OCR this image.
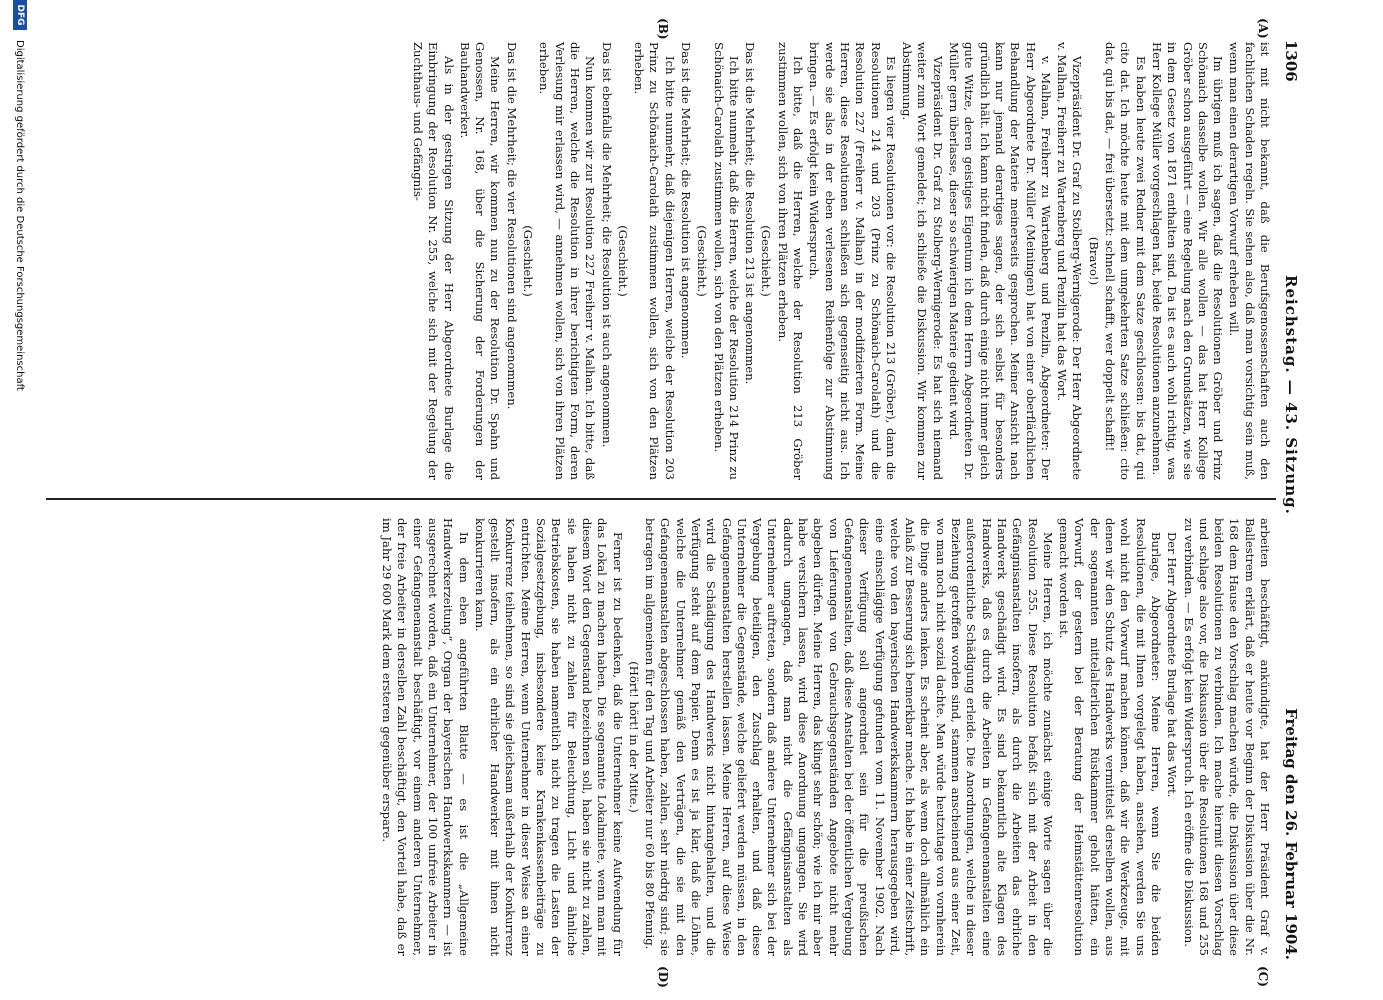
1306
Reichstag. — 43. Sitzung.
Freitag den 26. Februar 1904.
(A)
(B)
(C)
(D)

ist mit nicht bekannt, daß die Berufsgenossenschaften auch den fachlichen Schaden regeln. Sie sehen also, daß man vorsichtig sein muß, wenn man einen derartigen Vorwurf erheben will.

Im übrigen muß ich sagen, daß die Resolutionen Gröber und Prinz Schönaich dasselbe wollen. Wir alle wollen — das hat Herr Kollege Gröber schon ausgeführt — eine Regelung nach den Grundsätzen, wie sie in dem Gesetz von 1871 enthalten sind. Da ist es auch wohl richtig, was Herr Kollege Müller vorgeschlagen hat, beide Resolutionen anzunehmen.

Es haben heute zwei Redner mit dem Satze geschlossen: bis dat, qui cito dat. Ich möchte heute mit dem umgekehrten Satze schließen: cito dat, qui bis dat, — frei übersetzt: schnell schafft, wer doppelt schafft!

(Bravo!)

Vizepräsident Dr. Graf zu Stolberg-Wernigerode: Der Herr Abgeordnete v. Malhan, Freiherr zu Wartenberg und Penzlin hat das Wort.

v. Malhan, Freiherr zu Wartenberg und Penzlin, Abgeordneter: Der Herr Abgeordnete Dr. Müller (Meiningen) hat von einer oberflächlichen Behandlung der Materie meinerseits gesprochen. Meiner Ansicht nach kann nur jemand derartiges sagen, der sich selbst für besonders gründlich hält. Ich kann nicht finden, daß durch einige nicht immer gleich gute Witze, deren geistiges Eigentum ich dem Herrn Abgeordneten Dr. Müller gern überlasse, dieser so schwierigen Materie gedient wird.

Vizepräsident Dr. Graf zu Stolberg-Wernigerode: Es hat sich niemand weiter zum Wort gemeldet; ich schließe die Diskussion. Wir kommen zur Abstimmung.

Es liegen vier Resolutionen vor: die Resolution 213 (Gröber), dann die Resolutionen 214 und 203 (Prinz zu Schönaich-Carolath) und die Resolution 227 (Freiherr v. Malhan) in der modifizierten Form. Meine Herren, diese Resolutionen schließen sich gegenseitig nicht aus. Ich werde sie also in der eben verlesenen Reihenfolge zur Abstimmung bringen. — Es erfolgt kein Widerspruch.

Ich bitte, daß die Herren, welche der Resolution 213 Gröber zustimmen wollen, sich von ihren Plätzen erheben.

(Geschieht.)

Das ist die Mehrheit; die Resolution 213 ist angenommen.

Ich bitte nunmehr, daß die Herren, welche der Resolution 214 Prinz zu Schönaich-Carolath zustimmen wollen, sich von den Plätzen erheben.

(Geschieht.)

Das ist die Mehrheit; die Resolution ist angenommen.

Ich bitte nunmehr, daß diejenigen Herren, welche der Resolution 203 Prinz zu Schönaich-Carolath zustimmen wollen, sich von den Plätzen erheben.

(Geschieht.)

Das ist ebenfalls die Mehrheit; die Resolution ist auch angenommen.

Nun kommen wir zur Resolution 227 Freiherr v. Malhan. Ich bitte, daß die Herren, welche die Resolution in ihrer berichtigten Form, deren Verlesung mir erlassen wird, — annehmen wollen, sich von ihren Plätzen erheben.

(Geschieht.)

Das ist die Mehrheit; die vier Resolutionen sind angenommen.

Meine Herren, wir kommen nun zu der Resolution Dr. Spahn und Genossen, Nr. 168, über die Sicherung der Forderungen der Bauhandwerker.

Als in der gestrigen Sitzung der Herr Abgeordnete Burlage die Einbringung der Resolution Nr. 255, welche sich mit der Regelung der Zuchthaus- und Gefängnis-

arbeiten beschäftigt, ankündigte, hat der Herr Präsident Graf v. Ballestrem erklärt, daß er heute vor Beginn der Diskussion über die Nr. 168 dem Hause den Vorschlag machen würde, die Diskussion über diese beiden Resolutionen zu verbinden. Ich mache hiermit diesen Vorschlag und schlage also vor, die Diskussion über die Resolutionen 168 und 255 zu verbinden. — Es erfolgt kein Widerspruch. Ich eröffne die Diskussion.

Der Herr Abgeordnete Burlage hat das Wort.

Burlage, Abgeordneter: Meine Herren, wenn Sie die beiden Resolutionen, die mit Ihnen vorgelegt haben, ansehen, werden Sie uns wohl nicht den Vorwurf machen können, daß wir die Werkzeuge, mit denen wir den Schutz des Handwerks vermittelst derselben wollen, aus der sogenannten mittelalterlichen Rüstkammer geholt hätten, ein Vorwurf, der gestern bei der Beratung der Heimstättenresolution gemacht worden ist.

Meine Herren, ich möchte zunächst einige Worte sagen über die Resolution 255. Diese Resolution befaßt sich mit der Arbeit in den Gefängnisanstalten insofern, als durch die Arbeiten das ehrliche Handwerk geschädigt wird. Es sind bekanntlich alte Klagen des Handwerks, daß es durch die Arbeiten in Gefangenenanstalten eine außerordentliche Schädigung erleide. Die Anordnungen, welche in dieser Beziehung getroffen worden sind, stammen anscheinend aus einer Zeit, wo man noch nicht sozial dachte. Man würde heutzutage von vornherein die Dinge anders lenken. Es scheint aber, als wenn doch allmählich ein Anlaß zur Besserung sich bemerkbar mache. Ich habe in einer Zeitschrift, welche von den bayerischen Handwerkskammern herausgegeben wird, eine einschlägige Verfügung gefunden vom 11. November 1902. Nach dieser Verfügung soll angeordnet sein für die preußischen Gefangenenanstalten, daß diese Anstalten bei der öffentlichen Vergebung von Lieferungen von Gebrauchsgegenständen Angebote nicht mehr abgeben dürfen. Meine Herren, das klingt sehr schön; wie ich mir aber habe versichern lassen, wird diese Anordnung umgangen. Sie wird dadurch umgangen, daß man nicht die Gefängnisanstalten als Unternehmer auftreten, sondern daß andere Unternehmer sich bei der Vergebung beteiligen, den Zuschlag erhalten, und daß diese Unternehmer die Gegenstände, welche geliefert werden müssen, in den Gefangenenanstalten herstellen lassen. Meine Herren, auf diese Weise wird die Schädigung des Handwerks nicht hintangehalten, und die Verfügung steht auf dem Papier. Denn es ist ja klar, daß die Löhne, welche die Unternehmer gemäß den Verträgen, die sie mit den Gefangenenanstalten abgeschlossen haben, zahlen, sehr niedrig sind; sie betragen im allgemeinen für den Tag und Arbeiter nur 60 bis 80 Pfennig.

(Hört! hört! in der Mitte.)

Ferner ist zu bedenken, daß die Unternehmer keine Aufwendung für das Lokal zu machen haben. Die sogenannte Lokalmiete, wenn man mit diesem Wort den Gegenstand bezeichnen soll, haben sie nicht zu zahlen, sie haben nicht zu zahlen für Beleuchtung, Licht und ähnliche Betriebskosten, sie haben namentlich nicht zu tragen die Lasten der Sozialgesetzgebung, insbesondere keine Krankenkassenbeiträge zu entrichten. Meine Herren, wenn Unternehmer in dieser Weise an einer Konkurrenz teilnehmen, so sind sie gleichsam außerhalb der Konkurrenz gestellt insofern, als ein ehrlicher Handwerker mit ihnen nicht konkurrieren kann.

In dem eben angeführten Blatte — es ist die „Allgemeine Handwerkerzeitung“, Organ der bayerischen Handwerkskammern — ist ausgerechnet worden, daß ein Unternehmer, der 100 unfreie Arbeiter in einer Gefangenenanstalt beschäftigt, vor einem anderen Unternehmer, der freie Arbeiter in derselben Zahl beschäftigt, den Vorteil habe, daß er im Jahr 29 600 Mark dem ersteren gegenüber erspare.

DFG
Digitalisierung gefördert durch die Deutsche Forschungsgemeinschaft
